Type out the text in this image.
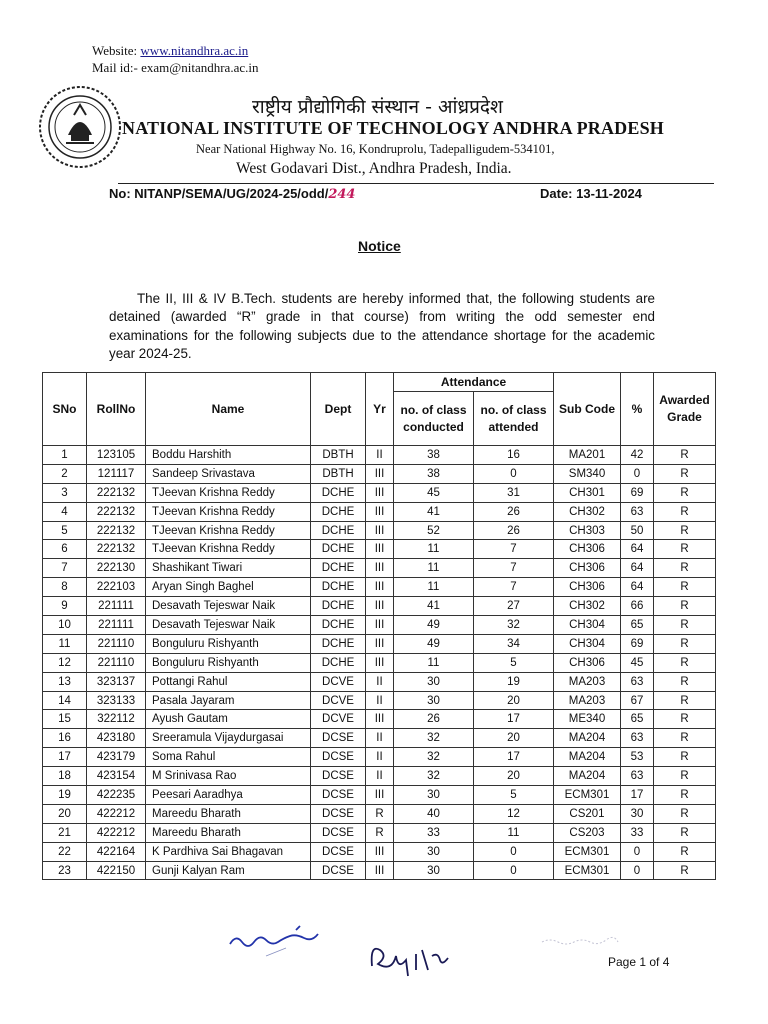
Website: www.nitandhra.ac.in
Mail id:- exam@nitandhra.ac.in
राष्ट्रीय प्रौद्योगिकी संस्थान - आंध्रप्रदेश
NATIONAL INSTITUTE OF TECHNOLOGY ANDHRA PRADESH
Near National Highway No. 16, Kondruprolu, Tadepalligudem-534101,
West Godavari Dist., Andhra Pradesh, India.
No: NITANP/SEMA/UG/2024-25/odd/244	Date: 13-11-2024
Notice
The II, III & IV B.Tech. students are hereby informed that, the following students are detained (awarded “R” grade in that course) from writing the odd semester end examinations for the following subjects due to the attendance shortage for the academic year 2024-25.
SNo	RollNo	Name	Dept	Yr	Attendance		Sub Code	%	Awarded Grade
					no. of class conducted	no. of class attended			
1	123105	Boddu Harshith	DBTH	II	38	16	MA201	42	R
2	121117	Sandeep Srivastava	DBTH	III	38	0	SM340	0	R
3	222132	TJeevan Krishna Reddy	DCHE	III	45	31	CH301	69	R
4	222132	TJeevan Krishna Reddy	DCHE	III	41	26	CH302	63	R
5	222132	TJeevan Krishna Reddy	DCHE	III	52	26	CH303	50	R
6	222132	TJeevan Krishna Reddy	DCHE	III	11	7	CH306	64	R
7	222130	Shashikant Tiwari	DCHE	III	11	7	CH306	64	R
8	222103	Aryan Singh Baghel	DCHE	III	11	7	CH306	64	R
9	221111	Desavath Tejeswar Naik	DCHE	III	41	27	CH302	66	R
10	221111	Desavath Tejeswar Naik	DCHE	III	49	32	CH304	65	R
11	221110	Bonguluru Rishyanth	DCHE	III	49	34	CH304	69	R
12	221110	Bonguluru Rishyanth	DCHE	III	11	5	CH306	45	R
13	323137	Pottangi Rahul	DCVE	II	30	19	MA203	63	R
14	323133	Pasala Jayaram	DCVE	II	30	20	MA203	67	R
15	322112	Ayush Gautam	DCVE	III	26	17	ME340	65	R
16	423180	Sreeramula Vijaydurgasai	DCSE	II	32	20	MA204	63	R
17	423179	Soma Rahul	DCSE	II	32	17	MA204	53	R
18	423154	M Srinivasa Rao	DCSE	II	32	20	MA204	63	R
19	422235	Peesari Aaradhya	DCSE	III	30	5	ECM301	17	R
20	422212	Mareedu Bharath	DCSE	R	40	12	CS201	30	R
21	422212	Mareedu Bharath	DCSE	R	33	11	CS203	33	R
22	422164	K Pardhiva Sai Bhagavan	DCSE	III	30	0	ECM301	0	R
23	422150	Gunji Kalyan Ram	DCSE	III	30	0	ECM301	0	R
Page 1 of 4
